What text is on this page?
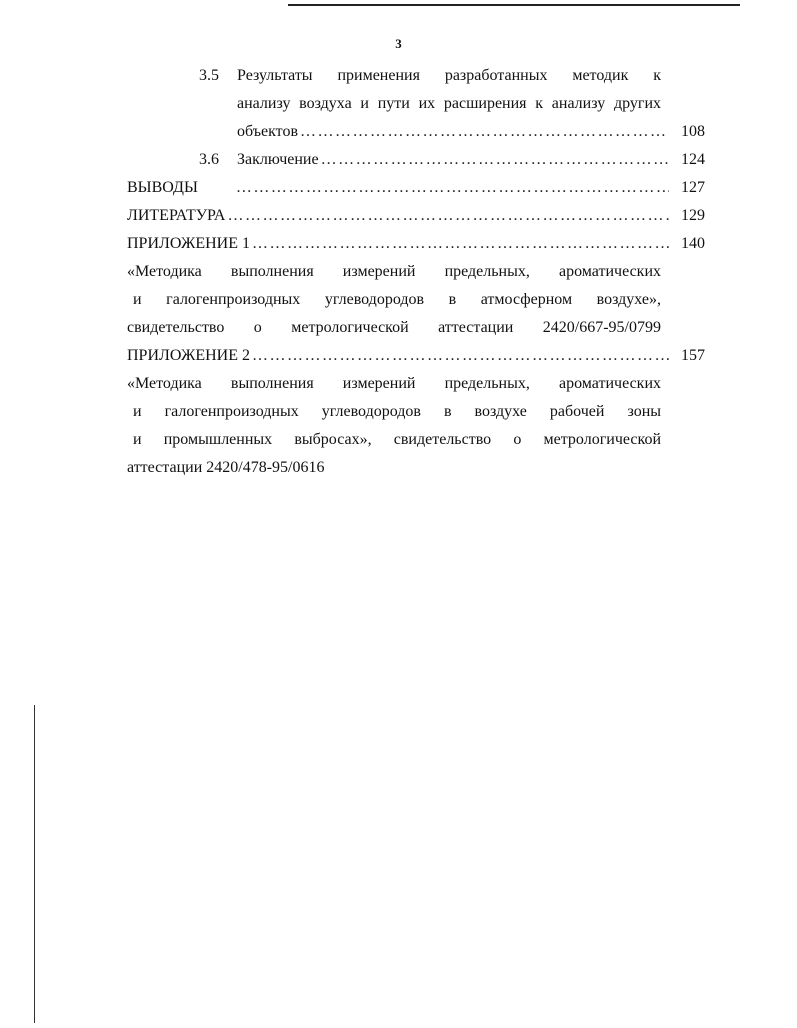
3
3.5	Результаты применения разработанных методик к
анализу воздуха и пути их расширения к анализу других
объектов ……………………………………………………………………………………………………………………………………………………	108
3.6	Заключение ……………………………………………………………………………………………………………………………………………………	124
ВЫВОДЫ ……………………………………………………………………………………………………………………………………………………	127
ЛИТЕРАТУРА ……………………………………………………………………………………………………………………………………………………	129
ПРИЛОЖЕНИЕ 1 ……………………………………………………………………………………………………………………………………………………	140
«Методика выполнения измерений предельных, ароматических
и галогенпроизодных углеводородов в атмосферном воздухе»,
свидетельство о метрологической аттестации 2420/667-95/0799
ПРИЛОЖЕНИЕ 2 ……………………………………………………………………………………………………………………………………………………	157
«Методика выполнения измерений предельных, ароматических
и галогенпроизодных углеводородов в воздухе рабочей зоны
и промышленных выбросах», свидетельство о метрологической
аттестации 2420/478-95/0616
